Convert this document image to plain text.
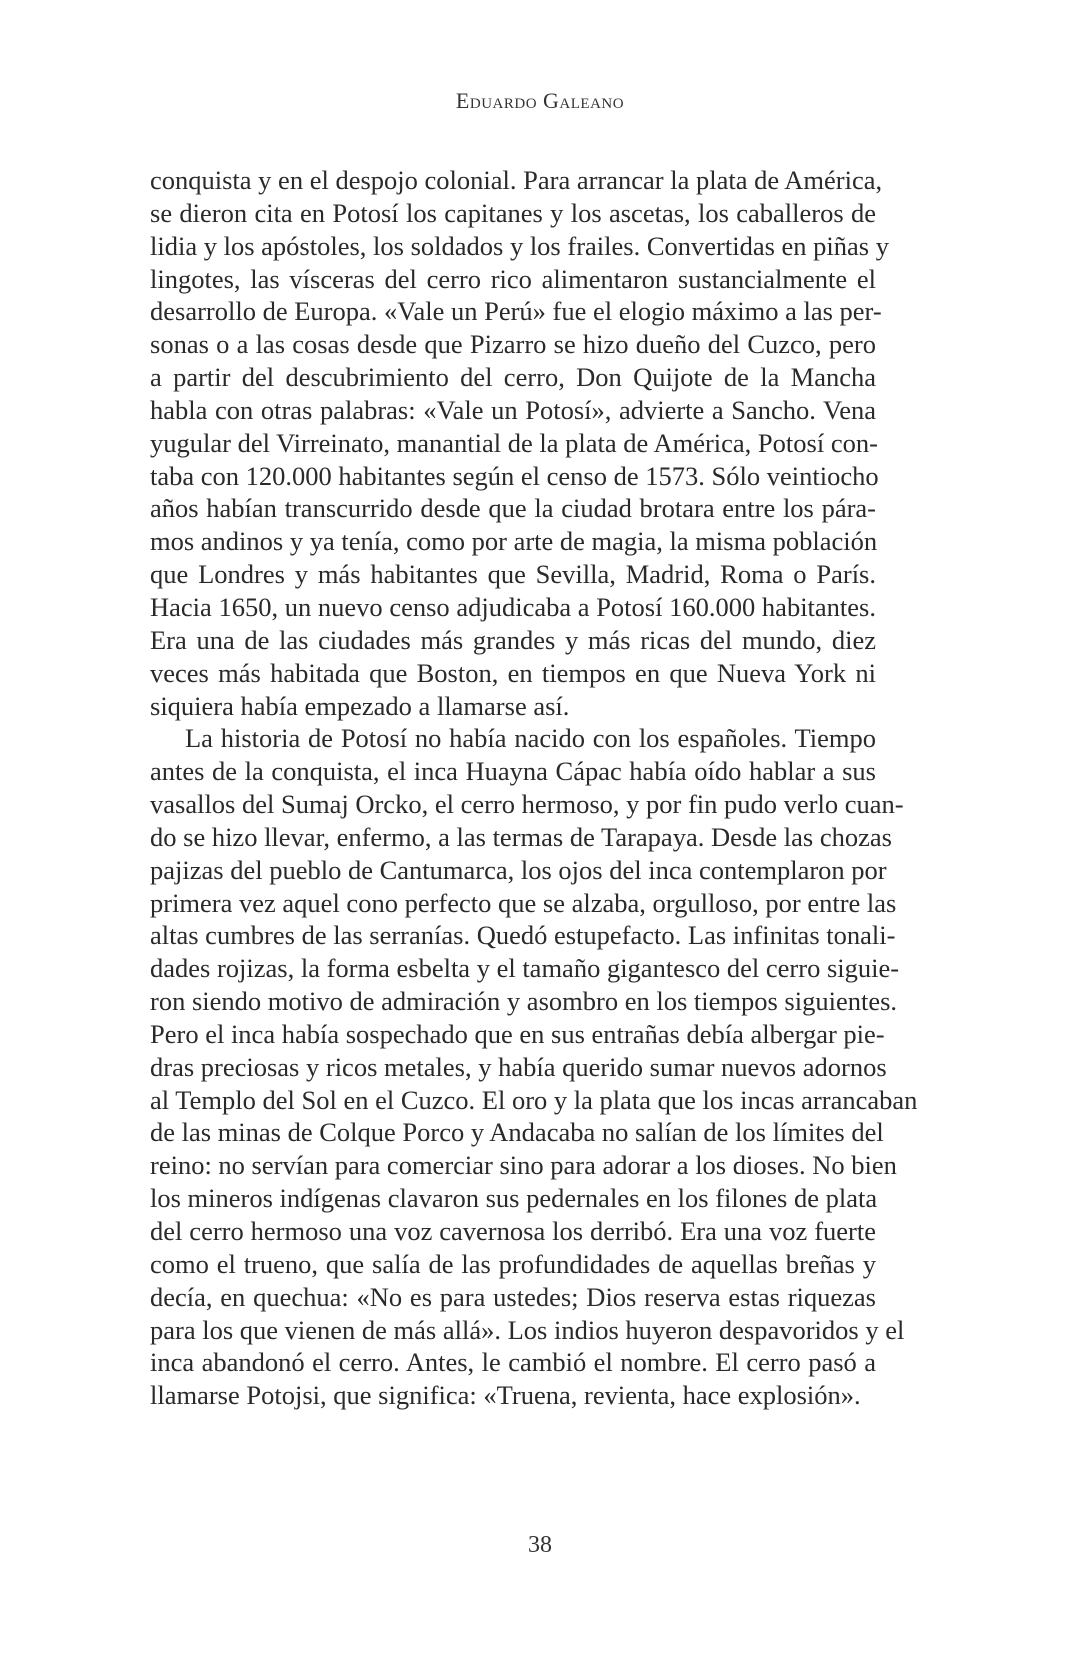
Eduardo Galeano
conquista y en el despojo colonial. Para arrancar la plata de América,
se dieron cita en Potosí los capitanes y los ascetas, los caballeros de
lidia y los apóstoles, los soldados y los frailes. Convertidas en piñas y
lingotes, las vísceras del cerro rico alimentaron sustancialmente el
desarrollo de Europa. «Vale un Perú» fue el elogio máximo a las per-
sonas o a las cosas desde que Pizarro se hizo dueño del Cuzco, pero
a partir del descubrimiento del cerro, Don Quijote de la Mancha
habla con otras palabras: «Vale un Potosí», advierte a Sancho. Vena
yugular del Virreinato, manantial de la plata de América, Potosí con-
taba con 120.000 habitantes según el censo de 1573. Sólo veintiocho
años habían transcurrido desde que la ciudad brotara entre los pára-
mos andinos y ya tenía, como por arte de magia, la misma población
que Londres y más habitantes que Sevilla, Madrid, Roma o París.
Hacia 1650, un nuevo censo adjudicaba a Potosí 160.000 habitantes.
Era una de las ciudades más grandes y más ricas del mundo, diez
veces más habitada que Boston, en tiempos en que Nueva York ni
siquiera había empezado a llamarse así.
La historia de Potosí no había nacido con los españoles. Tiempo
antes de la conquista, el inca Huayna Cápac había oído hablar a sus
vasallos del Sumaj Orcko, el cerro hermoso, y por fin pudo verlo cuan-
do se hizo llevar, enfermo, a las termas de Tarapaya. Desde las chozas
pajizas del pueblo de Cantumarca, los ojos del inca contemplaron por
primera vez aquel cono perfecto que se alzaba, orgulloso, por entre las
altas cumbres de las serranías. Quedó estupefacto. Las infinitas tonali-
dades rojizas, la forma esbelta y el tamaño gigantesco del cerro siguie-
ron siendo motivo de admiración y asombro en los tiempos siguientes.
Pero el inca había sospechado que en sus entrañas debía albergar pie-
dras preciosas y ricos metales, y había querido sumar nuevos adornos
al Templo del Sol en el Cuzco. El oro y la plata que los incas arrancaban
de las minas de Colque Porco y Andacaba no salían de los límites del
reino: no servían para comerciar sino para adorar a los dioses. No bien
los mineros indígenas clavaron sus pedernales en los filones de plata
del cerro hermoso una voz cavernosa los derribó. Era una voz fuerte
como el trueno, que salía de las profundidades de aquellas breñas y
decía, en quechua: «No es para ustedes; Dios reserva estas riquezas
para los que vienen de más allá». Los indios huyeron despavoridos y el
inca abandonó el cerro. Antes, le cambió el nombre. El cerro pasó a
llamarse Potojsi, que significa: «Truena, revienta, hace explosión».
38
